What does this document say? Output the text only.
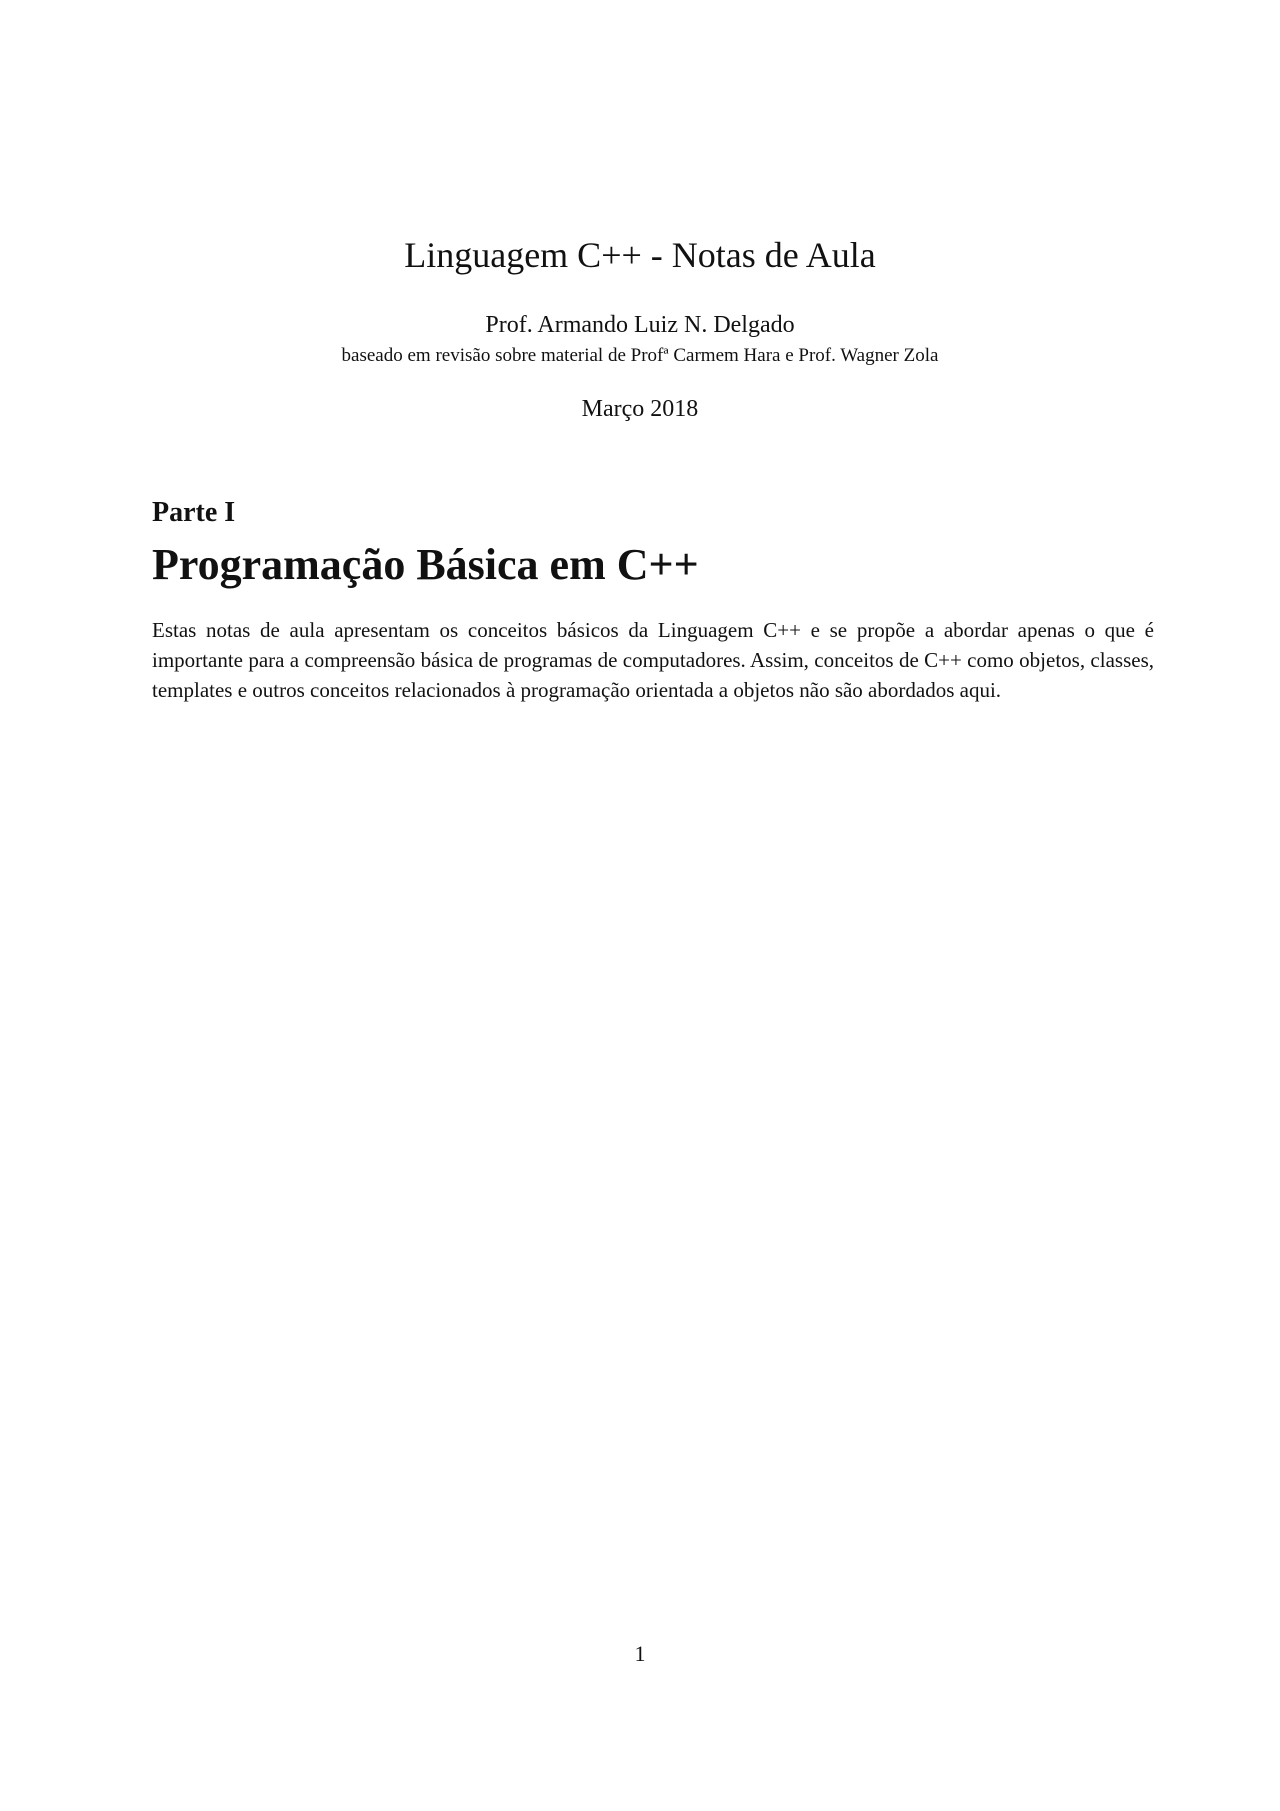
Linguagem C++ - Notas de Aula
Prof. Armando Luiz N. Delgado
baseado em revisão sobre material de Profª Carmem Hara e Prof. Wagner Zola
Março 2018
Parte I
Programação Básica em C++

Estas notas de aula apresentam os conceitos básicos da Linguagem C++ e se propõe a abordar apenas o que é importante para a compreensão básica de programas de computadores. Assim, conceitos de C++ como objetos, classes, templates e outros conceitos relacionados à programação orientada a objetos não são abordados aqui.

1
